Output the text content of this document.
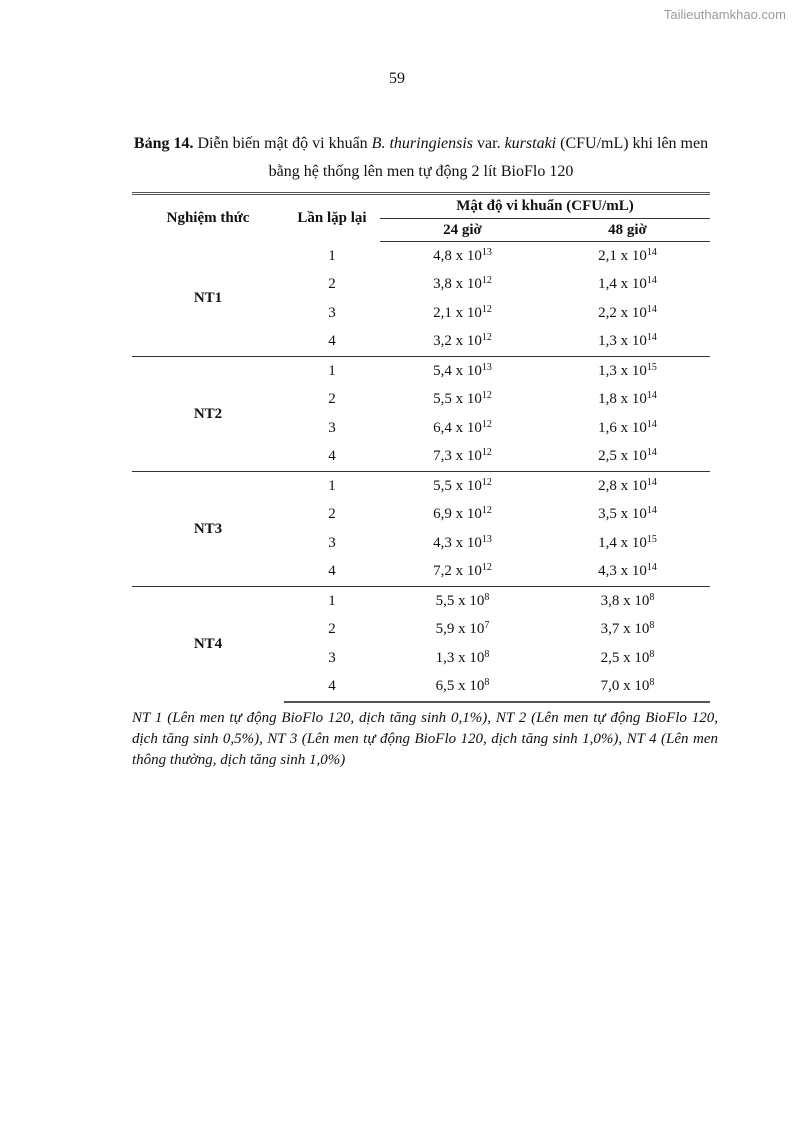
Tailieuthamkhao.com
59
Bảng 14. Diễn biến mật độ vi khuẩn B. thuringiensis var. kurstaki (CFU/mL) khi lên men bằng hệ thống lên men tự động 2 lít BioFlo 120
Nghiệm thức	Lần lặp lại	Mật độ vi khuẩn (CFU/mL)	
		24 giờ	48 giờ
NT1	1	4,8 x $10^{13}$	2,1 x $10^{14}$
	2	3,8 x $10^{12}$	1,4 x $10^{14}$
	3	2,1 x $10^{12}$	2,2 x $10^{14}$
	4	3,2 x $10^{12}$	1,3 x $10^{14}$
NT2	1	5,4 x $10^{13}$	1,3 x $10^{15}$
	2	5,5 x $10^{12}$	1,8 x $10^{14}$
	3	6,4 x $10^{12}$	1,6 x $10^{14}$
	4	7,3 x $10^{12}$	2,5 x $10^{14}$
NT3	1	5,5 x $10^{12}$	2,8 x $10^{14}$
	2	6,9 x $10^{12}$	3,5 x $10^{14}$
	3	4,3 x $10^{13}$	1,4 x $10^{15}$
	4	7,2 x $10^{12}$	4,3 x $10^{14}$
NT4	1	5,5 x $10^8$	3,8 x $10^8$
	2	5,9 x $10^7$	3,7 x $10^8$
	3	1,3 x $10^8$	2,5 x $10^8$
	4	6,5 x $10^8$	7,0 x $10^8$
NT 1 (Lên men tự động BioFlo 120, dịch tăng sinh 0,1%), NT 2 (Lên men tự động BioFlo 120, dịch tăng sinh 0,5%), NT 3 (Lên men tự động BioFlo 120, dịch tăng sinh 1,0%), NT 4 (Lên men thông thường, dịch tăng sinh 1,0%)
